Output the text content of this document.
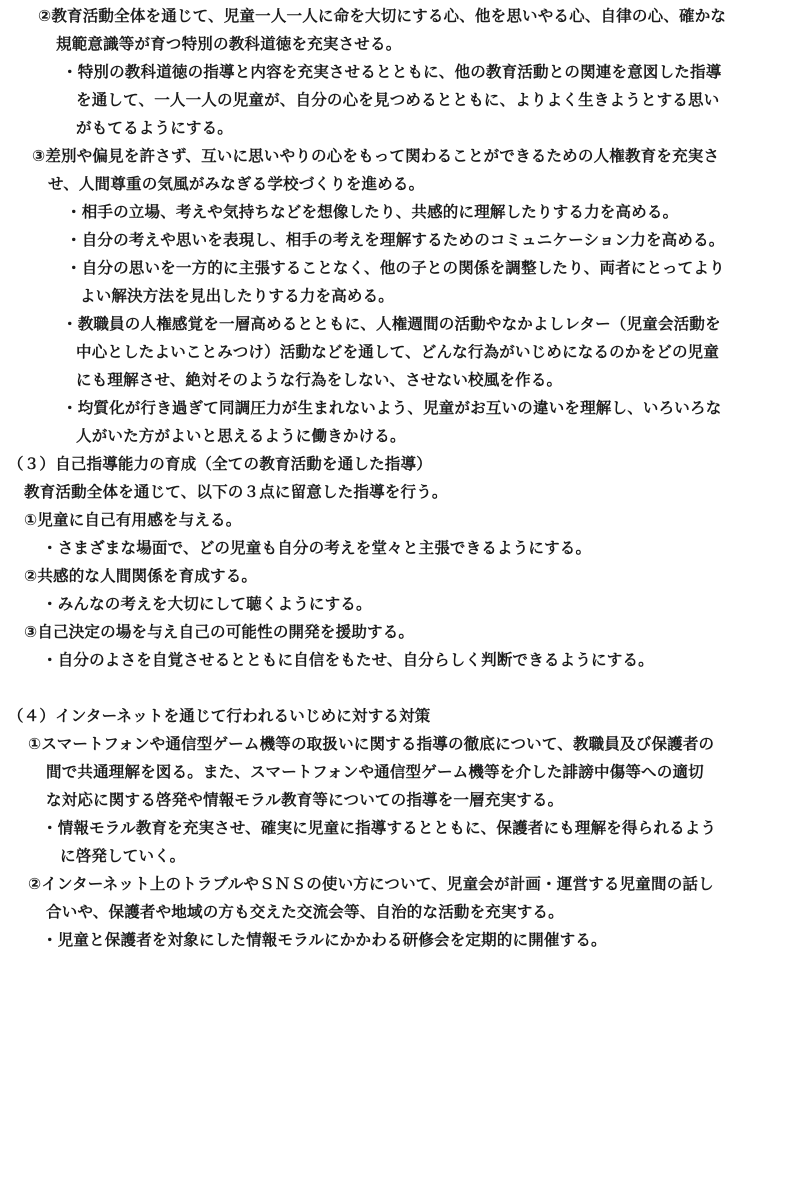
②教育活動全体を通じて、児童一人一人に命を大切にする心、他を思いやる心、自律の心、確かな
規範意識等が育つ特別の教科道徳を充実させる。
・特別の教科道徳の指導と内容を充実させるとともに、他の教育活動との関連を意図した指導
を通して、一人一人の児童が、自分の心を見つめるとともに、よりよく生きようとする思い
がもてるようにする。
③差別や偏見を許さず、互いに思いやりの心をもって関わることができるための人権教育を充実さ
せ、人間尊重の気風がみなぎる学校づくりを進める。
・相手の立場、考えや気持ちなどを想像したり、共感的に理解したりする力を高める。
・自分の考えや思いを表現し、相手の考えを理解するためのコミュニケーション力を高める。
・自分の思いを一方的に主張することなく、他の子との関係を調整したり、両者にとってより
よい解決方法を見出したりする力を高める。
・教職員の人権感覚を一層高めるとともに、人権週間の活動やなかよしレター（児童会活動を
中心としたよいことみつけ）活動などを通して、どんな行為がいじめになるのかをどの児童
にも理解させ、絶対そのような行為をしない、させない校風を作る。
・均質化が行き過ぎて同調圧力が生まれないよう、児童がお互いの違いを理解し、いろいろな
人がいた方がよいと思えるように働きかける。
（３）自己指導能力の育成（全ての教育活動を通した指導）
教育活動全体を通じて、以下の３点に留意した指導を行う。
①児童に自己有用感を与える。
・さまざまな場面で、どの児童も自分の考えを堂々と主張できるようにする。
②共感的な人間関係を育成する。
・みんなの考えを大切にして聴くようにする。
③自己決定の場を与え自己の可能性の開発を援助する。
・自分のよさを自覚させるとともに自信をもたせ、自分らしく判断できるようにする。
（４）インターネットを通じて行われるいじめに対する対策
①スマートフォンや通信型ゲーム機等の取扱いに関する指導の徹底について、教職員及び保護者の
間で共通理解を図る。また、スマートフォンや通信型ゲーム機等を介した誹謗中傷等への適切
な対応に関する啓発や情報モラル教育等についての指導を一層充実する。
・情報モラル教育を充実させ、確実に児童に指導するとともに、保護者にも理解を得られるよう
に啓発していく。
②インターネット上のトラブルやＳＮＳの使い方について、児童会が計画・運営する児童間の話し
合いや、保護者や地域の方も交えた交流会等、自治的な活動を充実する。
・児童と保護者を対象にした情報モラルにかかわる研修会を定期的に開催する。
